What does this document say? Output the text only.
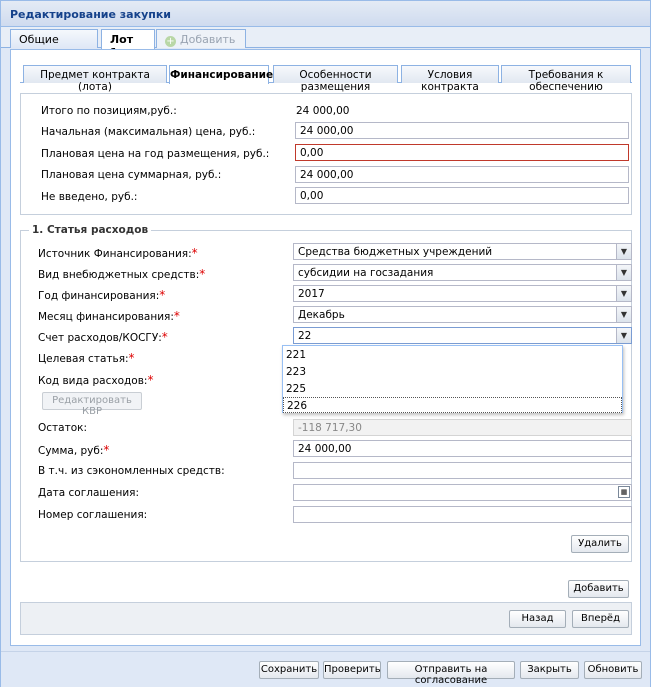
Редактирование закупки
Общие	Лот	+ Добавить
Предмет контракта (лота)
Финансирование	Особенности размещения
Условия контракта
Требования к обеспечению
Итого по позициям,руб.:	24 000,00
Начальная (максимальная) цена, руб.:	24 000,00
Плановая цена на год размещения, руб.:	0,00
Плановая цена суммарная, руб.:	24 000,00
Не введено, руб.:	0,00
1. Статья расходов
Источник Финансирования:*	Средства бюджетных учреждений	▼
Вид внебюджетных средств:*	субсидии на госзадания	▼
Год финансирования:*	2017	▼
Месяц финансирования:*	Декабрь	▼
Счет расходов/КОСГУ:*	22	▼
Целевая статья:*
Код вида расходов:*
Редактировать КВР
Остаток:	-118 717,30
Сумма, руб:*	24 000,00
В т.ч. из сэкономленных средств:
Дата соглашения:	▦
Номер соглашения:
Удалить
Добавить
Назад	Вперёд
221
223
225
226
Сохранить Проверить	Отправить на согласование
Закрыть	Обновить
